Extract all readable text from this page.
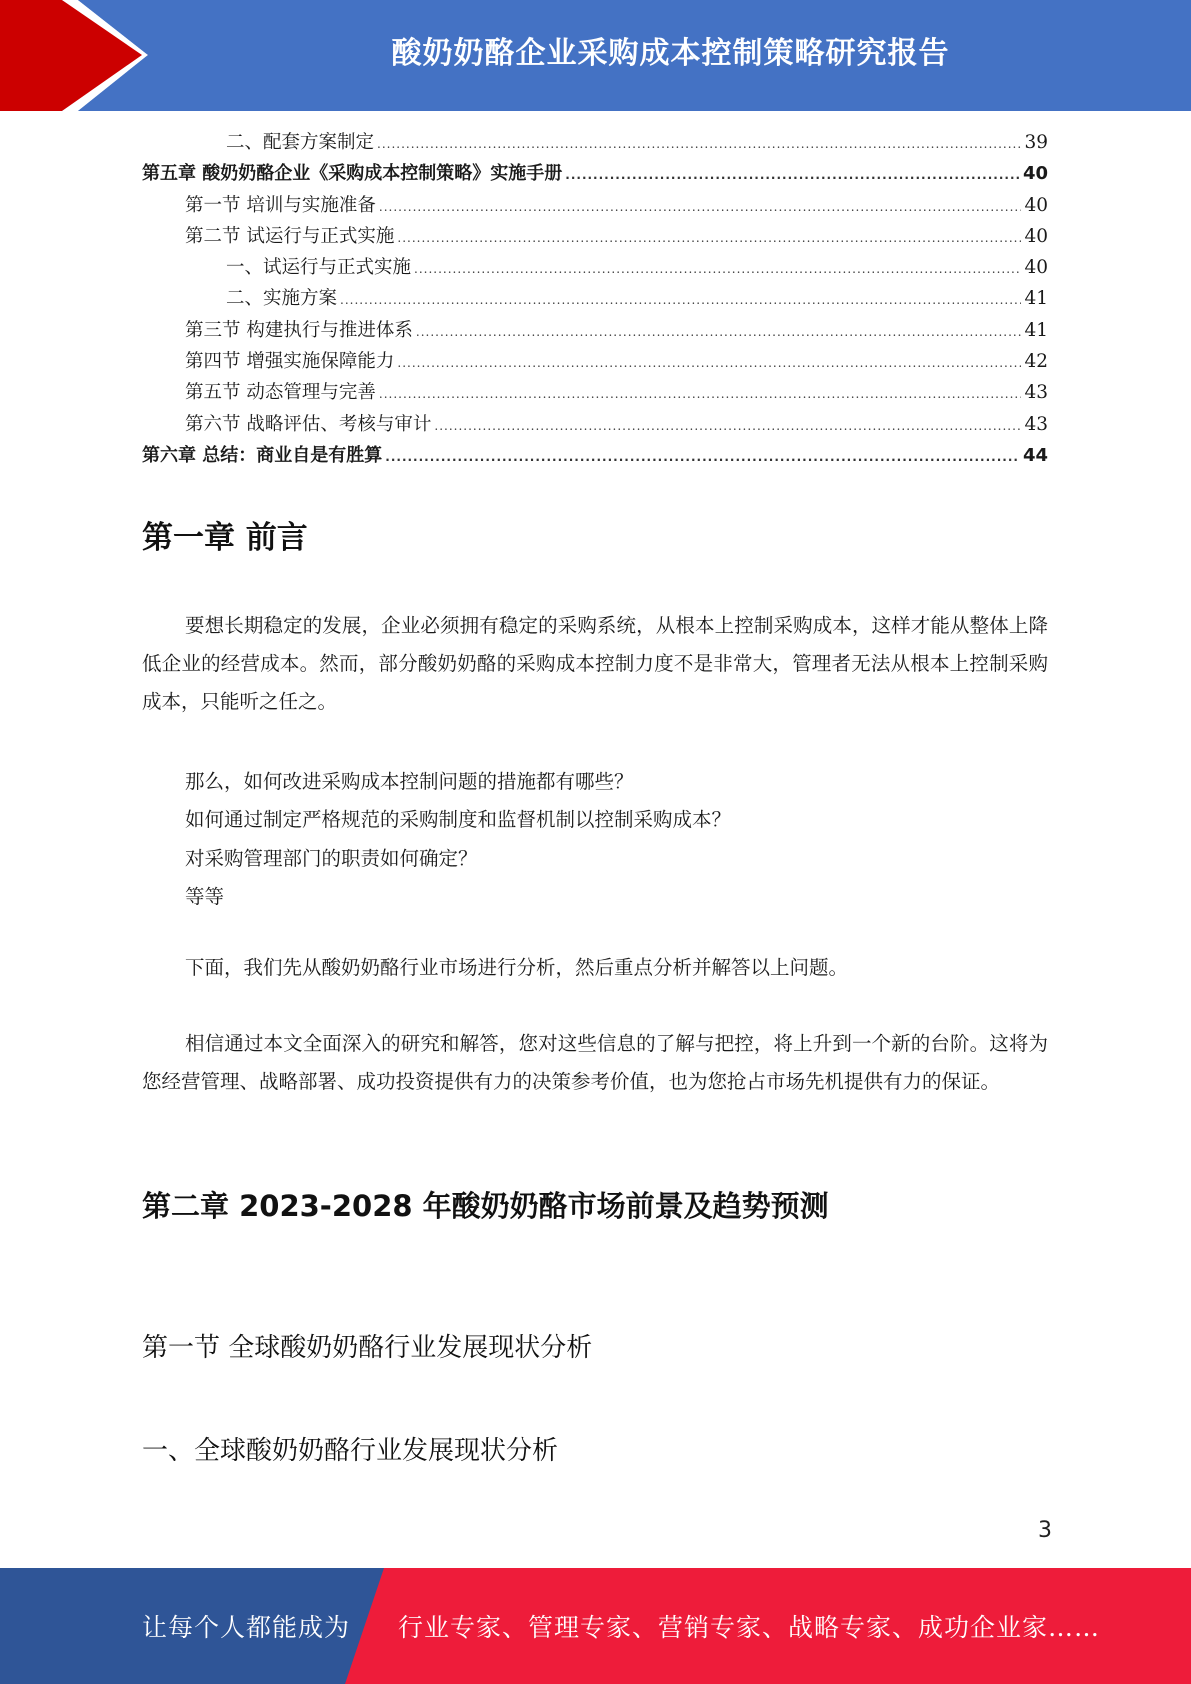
酸奶奶酪企业采购成本控制策略研究报告
二、配套方案制定 .....	39
第五章 酸奶奶酪企业《采购成本控制策略》实施手册 .....	40
第一节 培训与实施准备 .....	40
第二节 试运行与正式实施 .....	40
一、试运行与正式实施 .....	40
二、实施方案 .....	41
第三节 构建执行与推进体系 .....	41
第四节 增强实施保障能力 .....	42
第五节 动态管理与完善 .....	43
第六节 战略评估、考核与审计 .....	43
第六章 总结：商业自是有胜算 .....	44
第一章 前言

要想长期稳定的发展，企业必须拥有稳定的采购系统，从根本上控制采购成本，这样才能从整体上降低企业的经营成本。然而，部分酸奶奶酪的采购成本控制力度不是非常大，管理者无法从根本上控制采购成本，只能听之任之。

那么，如何改进采购成本控制问题的措施都有哪些？

如何通过制定严格规范的采购制度和监督机制以控制采购成本？

对采购管理部门的职责如何确定？

等等

下面，我们先从酸奶奶酪行业市场进行分析，然后重点分析并解答以上问题。

相信通过本文全面深入的研究和解答，您对这些信息的了解与把控，将上升到一个新的台阶。这将为您经营管理、战略部署、成功投资提供有力的决策参考价值，也为您抢占市场先机提供有力的保证。

第二章 2023-2028 年酸奶奶酪市场前景及趋势预测
第一节 全球酸奶奶酪行业发展现状分析
一、全球酸奶奶酪行业发展现状分析
3
让每个人都能成为 行业专家、管理专家、营销专家、战略专家、成功企业家……
